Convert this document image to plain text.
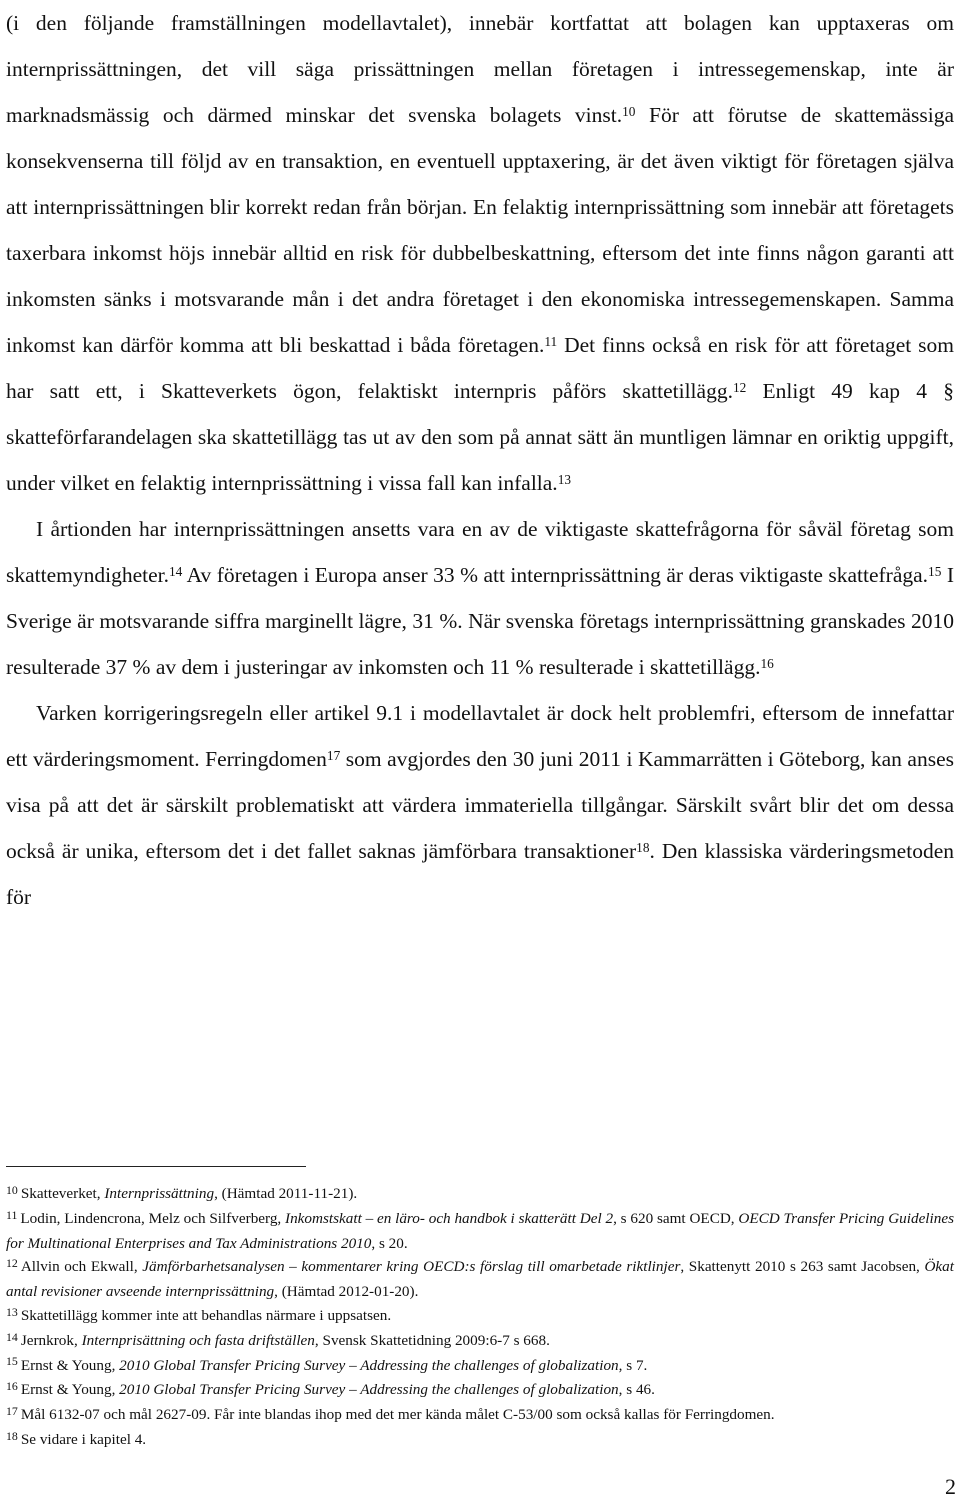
(i den följande framställningen modellavtalet), innebär kortfattat att bolagen kan upptaxeras om internprissättningen, det vill säga prissättningen mellan företagen i intressegemenskap, inte är marknadsmässig och därmed minskar det svenska bolagets vinst.$^{10}$ För att förutse de skattemässiga konsekvenserna till följd av en transaktion, en eventuell upptaxering, är det även viktigt för företagen själva att internprissättningen blir korrekt redan från början. En felaktig internprissättning som innebär att företagets taxerbara inkomst höjs innebär alltid en risk för dubbelbeskattning, eftersom det inte finns någon garanti att inkomsten sänks i motsvarande mån i det andra företaget i den ekonomiska intressegemenskapen. Samma inkomst kan därför komma att bli beskattad i båda företagen.$^{11}$ Det finns också en risk för att företaget som har satt ett, i Skatteverkets ögon, felaktiskt internpris påförs skattetillägg.$^{12}$ Enligt 49 kap 4 § skatteförfarandelagen ska skattetillägg tas ut av den som på annat sätt än muntligen lämnar en oriktig uppgift, under vilket en felaktig internprissättning i vissa fall kan infalla.$^{13}$

I årtionden har internprissättningen ansetts vara en av de viktigaste skattefrågorna för såväl företag som skattemyndigheter.$^{14}$ Av företagen i Europa anser 33 % att internprissättning är deras viktigaste skattefråga.$^{15}$ I Sverige är motsvarande siffra marginellt lägre, 31 %. När svenska företags internprissättning granskades 2010 resulterade 37 % av dem i justeringar av inkomsten och 11 % resulterade i skattetillägg.$^{16}$

Varken korrigeringsregeln eller artikel 9.1 i modellavtalet är dock helt problemfri, eftersom de innefattar ett värderingsmoment. Ferringdomen$^{17}$ som avgjordes den 30 juni 2011 i Kammarrätten i Göteborg, kan anses visa på att det är särskilt problematiskt att värdera immateriella tillgångar. Särskilt svårt blir det om dessa också är unika, eftersom det i det fallet saknas jämförbara transaktioner$^{18}$. Den klassiska värderingsmetoden för

$^{10}$ Skatteverket, Internprissättning, (Hämtad 2011-11-21).

$^{11}$ Lodin, Lindencrona, Melz och Silfverberg, Inkomstskatt – en läro- och handbok i skatterätt Del 2, s 620 samt OECD, OECD Transfer Pricing Guidelines for Multinational Enterprises and Tax Administrations 2010, s 20.

$^{12}$ Allvin och Ekwall, Jämförbarhetsanalysen – kommentarer kring OECD:s förslag till omarbetade riktlinjer, Skattenytt 2010 s 263 samt Jacobsen, Ökat antal revisioner avseende internprissättning, (Hämtad 2012-01-20).

$^{13}$ Skattetillägg kommer inte att behandlas närmare i uppsatsen.

$^{14}$ Jernkrok, Internprisättning och fasta driftställen, Svensk Skattetidning 2009:6-7 s 668.

$^{15}$ Ernst & Young, 2010 Global Transfer Pricing Survey – Addressing the challenges of globalization, s 7.

$^{16}$ Ernst & Young, 2010 Global Transfer Pricing Survey – Addressing the challenges of globalization, s 46.

$^{17}$ Mål 6132-07 och mål 2627-09. Får inte blandas ihop med det mer kända målet C-53/00 som också kallas för Ferringdomen.

$^{18}$ Se vidare i kapitel 4.

2
